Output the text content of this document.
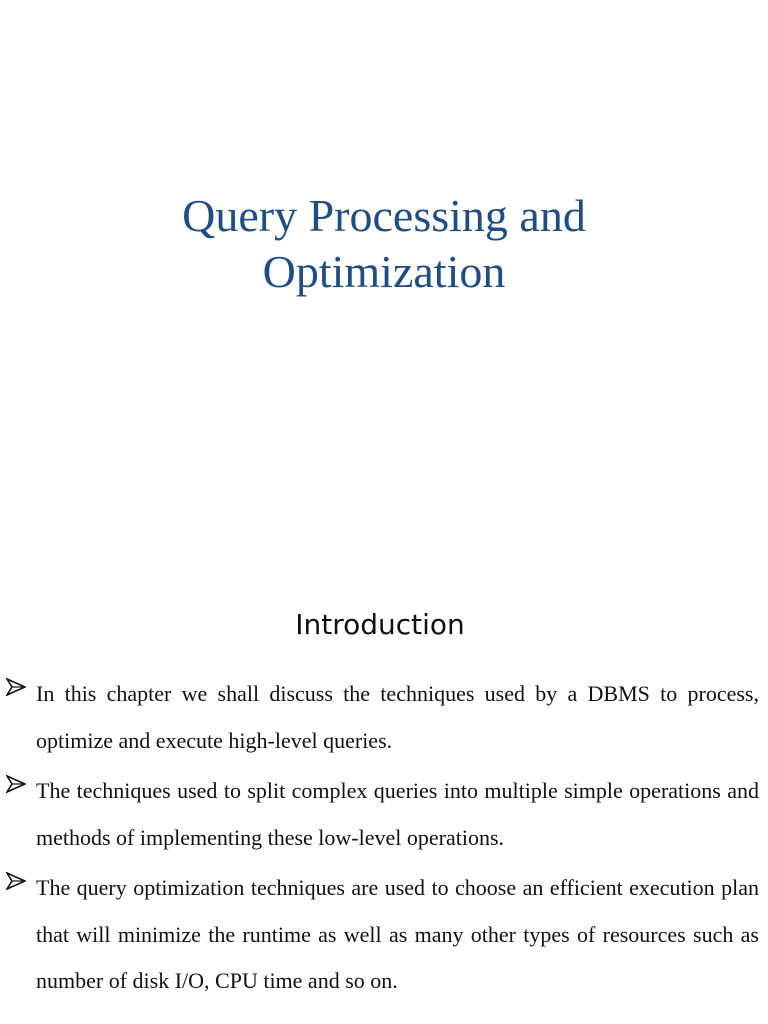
Query Processing and
Optimization
Introduction
In this chapter we shall discuss the techniques used by a DBMS to process, optimize and execute high-level queries.
The techniques used to split complex queries into multiple simple operations and methods of implementing these low-level operations.
The query optimization techniques are used to choose an efficient execution plan that will minimize the runtime as well as many other types of resources such as number of disk I/O, CPU time and so on.
